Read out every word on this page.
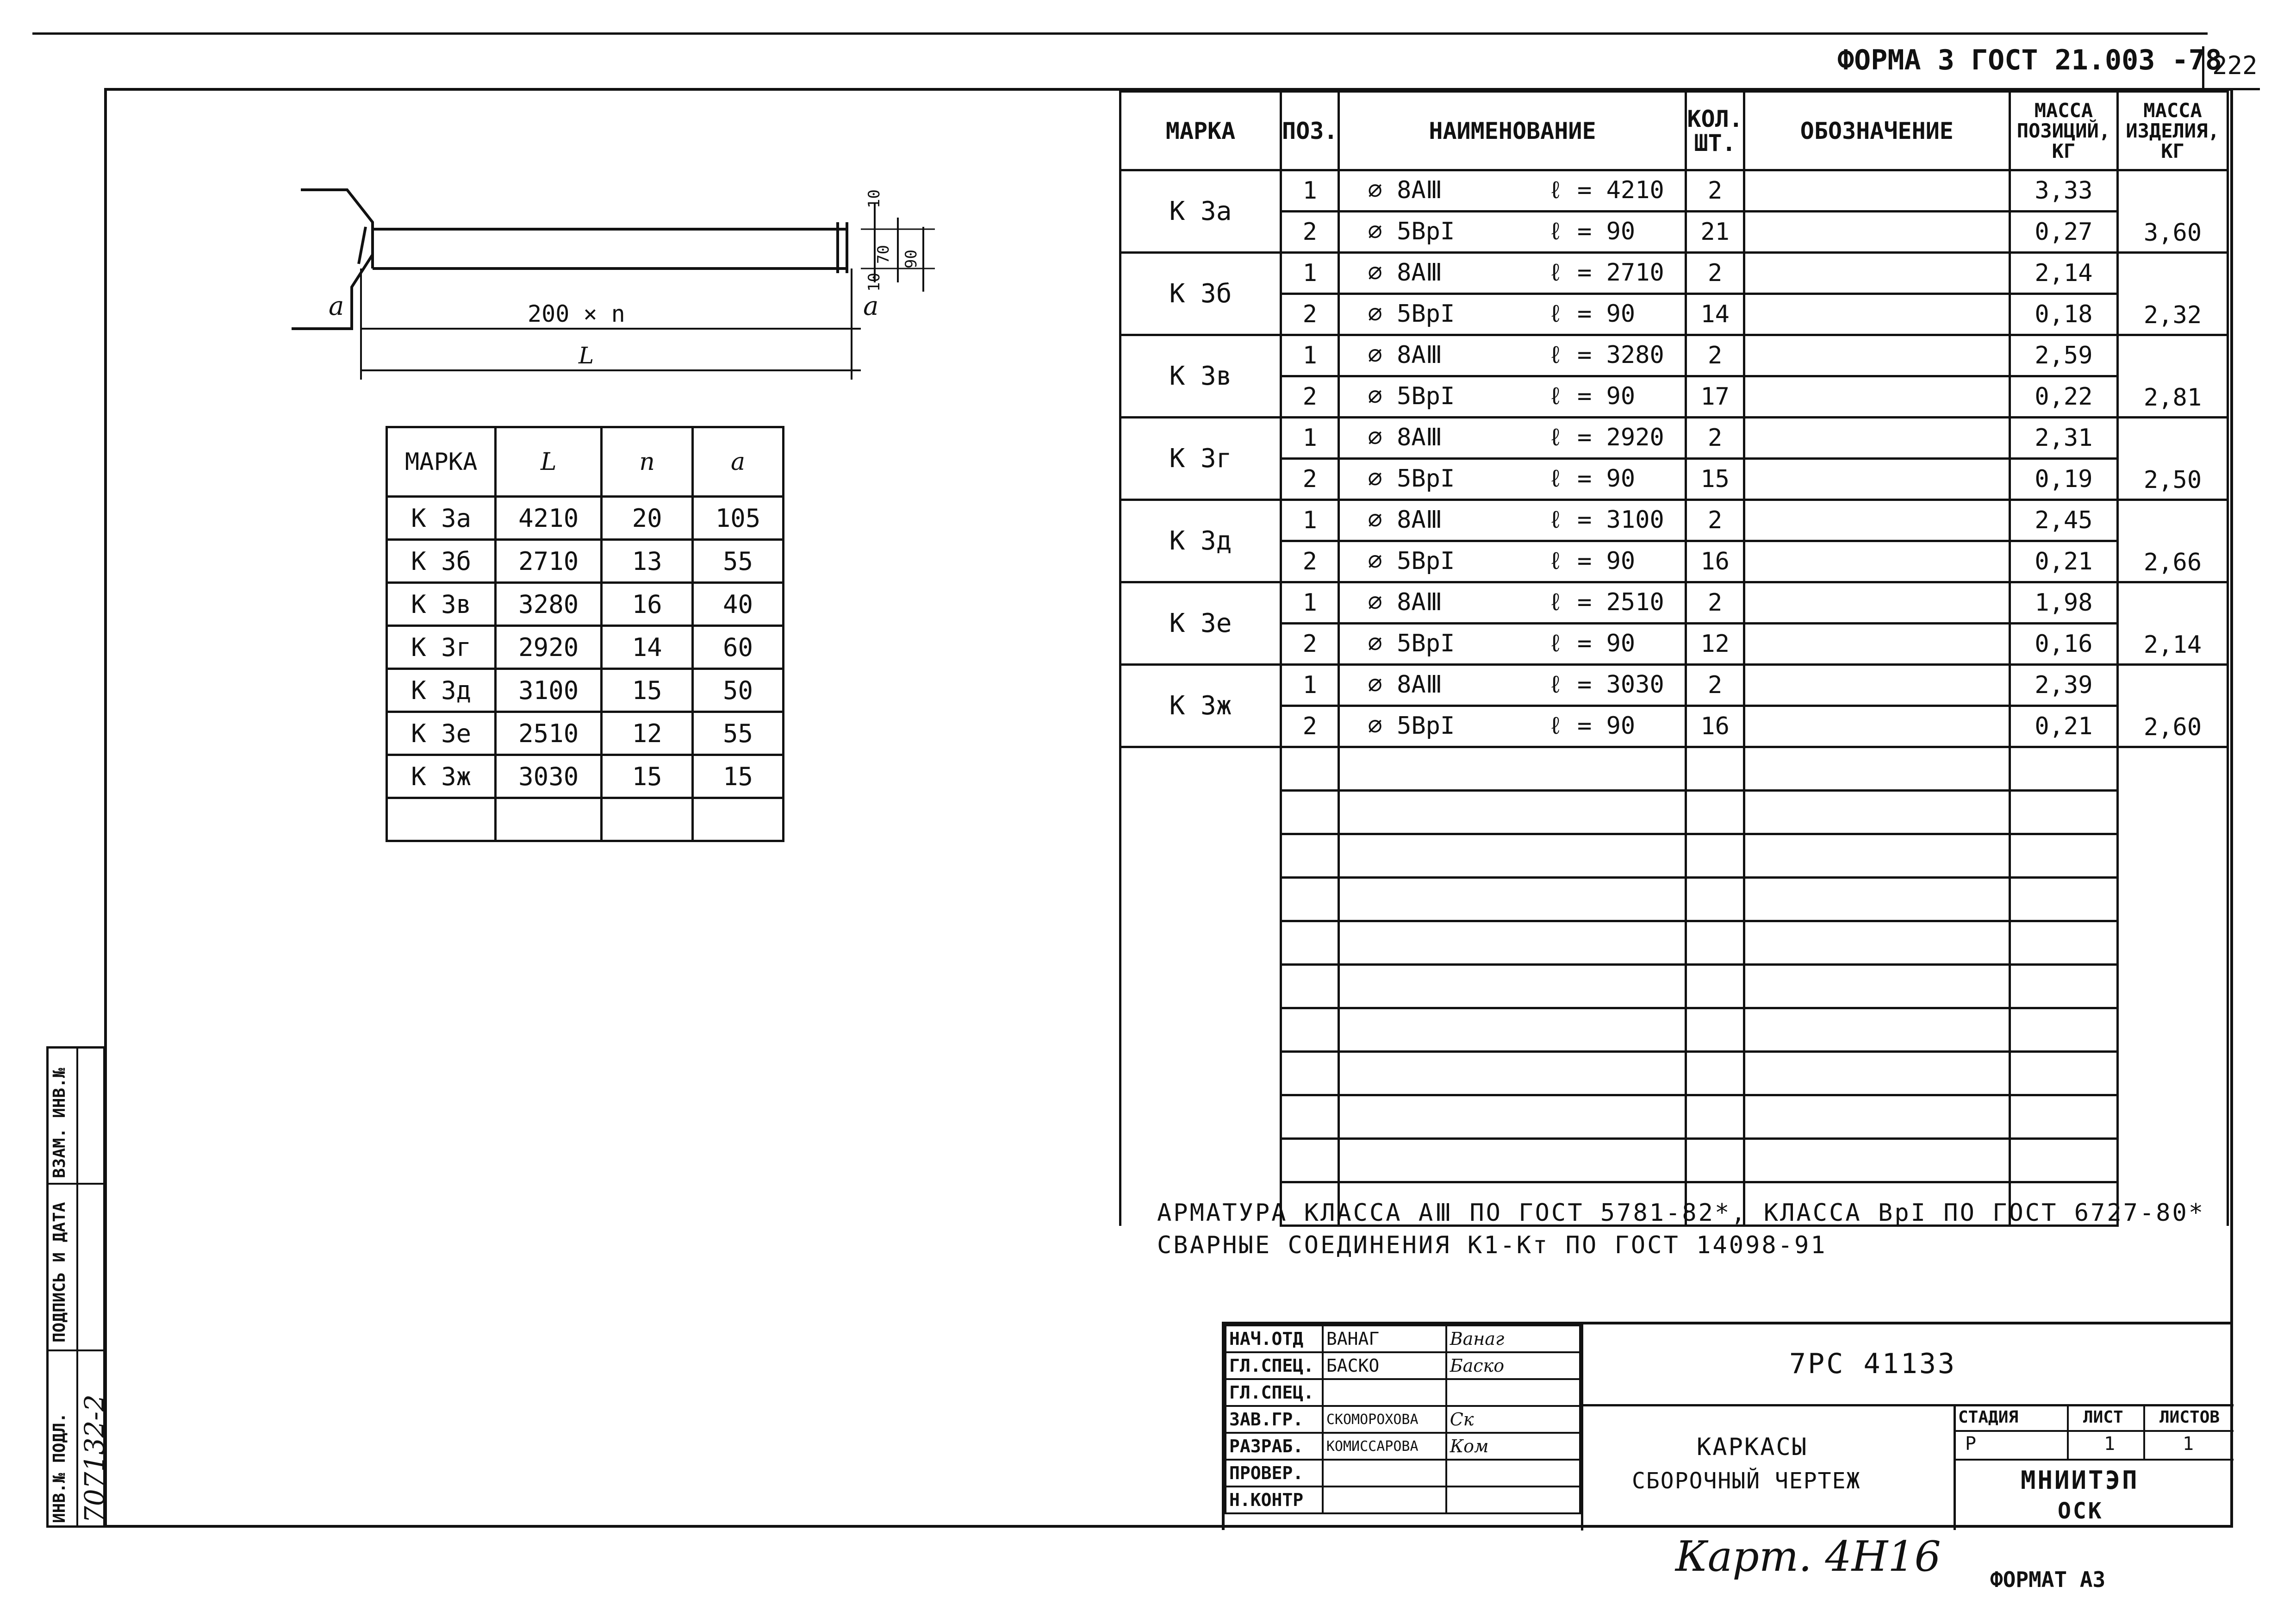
ФОРМА 3 ГОСТ 21.003 -78
222
ВЗАМ. ИНВ.№
ПОДПИСЬ И ДАТА
ИНВ.№ ПОДЛ. 707132-2
a	a
200 × n
L
10
70
10
90
МАРКА	L	n	a
К 3а	4210	20	105
К 3б	2710	13	55
К 3в	3280	16	40
К 3г	2920	14	60
К 3д	3100	15	50
К 3е	2510	12	55
К 3ж	3030	15	15

МАРКА	ПОЗ.	НАИМЕНОВАНИЕ	КОЛ. ШТ.	ОБОЗНАЧЕНИЕ	МАССА ПОЗИЦИЙ, КГ	МАССА ИЗДЕЛИЯ, КГ
К 3а	1	⌀ 8АⅢ ℓ = 4210	2		3,33	3,60
	2	⌀ 5ВрI ℓ = 90	21		0,27	
К 3б	1	⌀ 8АⅢ ℓ = 2710	2		2,14	2,32
	2	⌀ 5ВрI ℓ = 90	14		0,18	
К 3в	1	⌀ 8АⅢ ℓ = 3280	2		2,59	2,81
	2	⌀ 5ВрI ℓ = 90	17		0,22	
К 3г	1	⌀ 8АⅢ ℓ = 2920	2		2,31	2,50
	2	⌀ 5ВрI ℓ = 90	15		0,19	
К 3д	1	⌀ 8АⅢ ℓ = 3100	2		2,45	2,66
	2	⌀ 5ВрI ℓ = 90	16		0,21	
К 3е	1	⌀ 8АⅢ ℓ = 2510	2		1,98	2,14
	2	⌀ 5ВрI ℓ = 90	12		0,16	
К 3ж	1	⌀ 8АⅢ ℓ = 3030	2		2,39	2,60
	2	⌀ 5ВрI ℓ = 90	16		0,21	

АРМАТУРА КЛАССА АⅢ ПО ГОСТ 5781-82*, КЛАССА ВрI ПО ГОСТ 6727-80*
СВАРНЫЕ СОЕДИНЕНИЯ К1-Кт ПО ГОСТ 14098-91
НАЧ.ОТД	ВАНАГ	Ванаг
ГЛ.СПЕЦ.	БАСКО	Баско
ГЛ.СПЕЦ.		
ЗАВ.ГР.	СКОМОРОХОВА	Ск
РАЗРАБ.	КОМИССАРОВА	Ком
ПРОВЕР.		
Н.КОНТР		
7РС 41133
КАРКАСЫ
СБОРОЧНЫЙ ЧЕРТЕЖ
СТАДИЯ	ЛИСТ ЛИСТОВ
Р	1	1
МНИИТЭП
ОСК
Карт. 4Н16 ФОРМАТ А3
